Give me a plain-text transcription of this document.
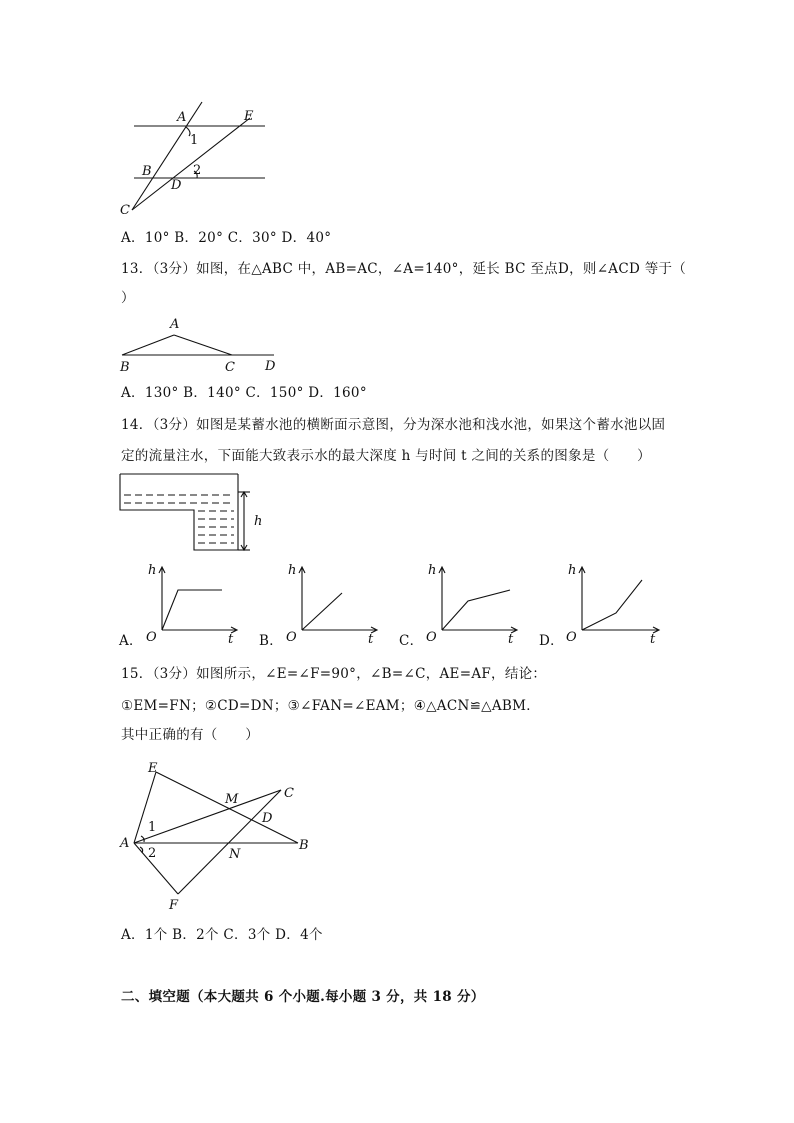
A	E
B
D
C
1
2
A．10° B．20° C．30° D．40°
13．（3分）如图，在△ABC 中，AB=AC，∠A=140°，延长 BC 至点D，则∠ACD 等于（
）
A
B	C D
A．130° B．140° C．150° D．160°
14．（3分）如图是某蓄水池的横断面示意图，分为深水池和浅水池，如果这个蓄水池以固
定的流量注水，下面能大致表示水的最大深度 h 与时间 t 之间的关系的图象是（　　）
h
A．
h
t
O	B．
h
t
O	C．
h
t
O	D．
h
t
O
15．（3分）如图所示，∠E=∠F=90°，∠B=∠C，AE=AF，结论：
①EM=FN；②CD=DN；③∠FAN=∠EAM；④△ACN≌△ABM．
其中正确的有（　　）
E
M	C
D
A	B
N
F
1
2
A．1个 B．2个 C．3个 D．4个
二、填空题（本大题共 6 个小题.每小题 3 分，共 18 分）
